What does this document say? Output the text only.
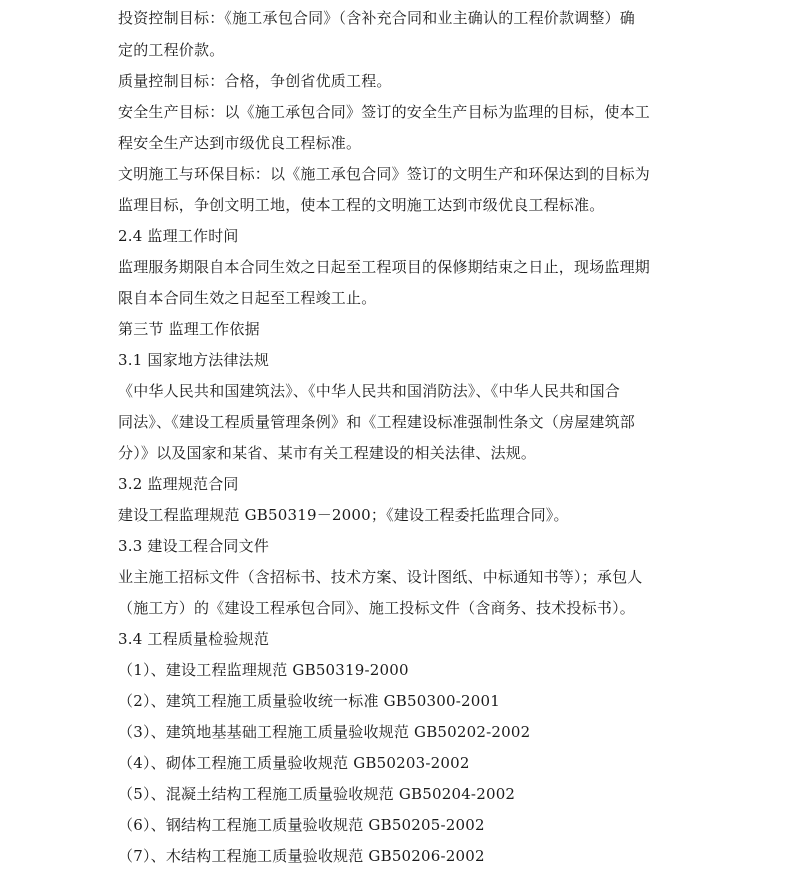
投资控制目标：《施工承包合同》（含补充合同和业主确认的工程价款调整）确
定的工程价款。
质量控制目标：合格，争创省优质工程。
安全生产目标：以《施工承包合同》签订的安全生产目标为监理的目标，使本工
程安全生产达到市级优良工程标准。
文明施工与环保目标：以《施工承包合同》签订的文明生产和环保达到的目标为
监理目标，争创文明工地，使本工程的文明施工达到市级优良工程标准。
2.4 监理工作时间
监理服务期限自本合同生效之日起至工程项目的保修期结束之日止，现场监理期
限自本合同生效之日起至工程竣工止。
第三节 监理工作依据
3.1 国家地方法律法规
《中华人民共和国建筑法》、《中华人民共和国消防法》、《中华人民共和国合
同法》、《建设工程质量管理条例》和《工程建设标准强制性条文（房屋建筑部
分）》以及国家和某省、某市有关工程建设的相关法律、法规。
3.2 监理规范合同
建设工程监理规范 GB50319－2000；《建设工程委托监理合同》。
3.3 建设工程合同文件
业主施工招标文件（含招标书、技术方案、设计图纸、中标通知书等）；承包人
（施工方）的《建设工程承包合同》、施工投标文件（含商务、技术投标书）。
3.4 工程质量检验规范
（1）、建设工程监理规范 GB50319-2000
（2）、建筑工程施工质量验收统一标准 GB50300-2001
（3）、建筑地基基础工程施工质量验收规范 GB50202-2002
（4）、砌体工程施工质量验收规范 GB50203-2002
（5）、混凝土结构工程施工质量验收规范 GB50204-2002
（6）、钢结构工程施工质量验收规范 GB50205-2002
（7）、木结构工程施工质量验收规范 GB50206-2002
